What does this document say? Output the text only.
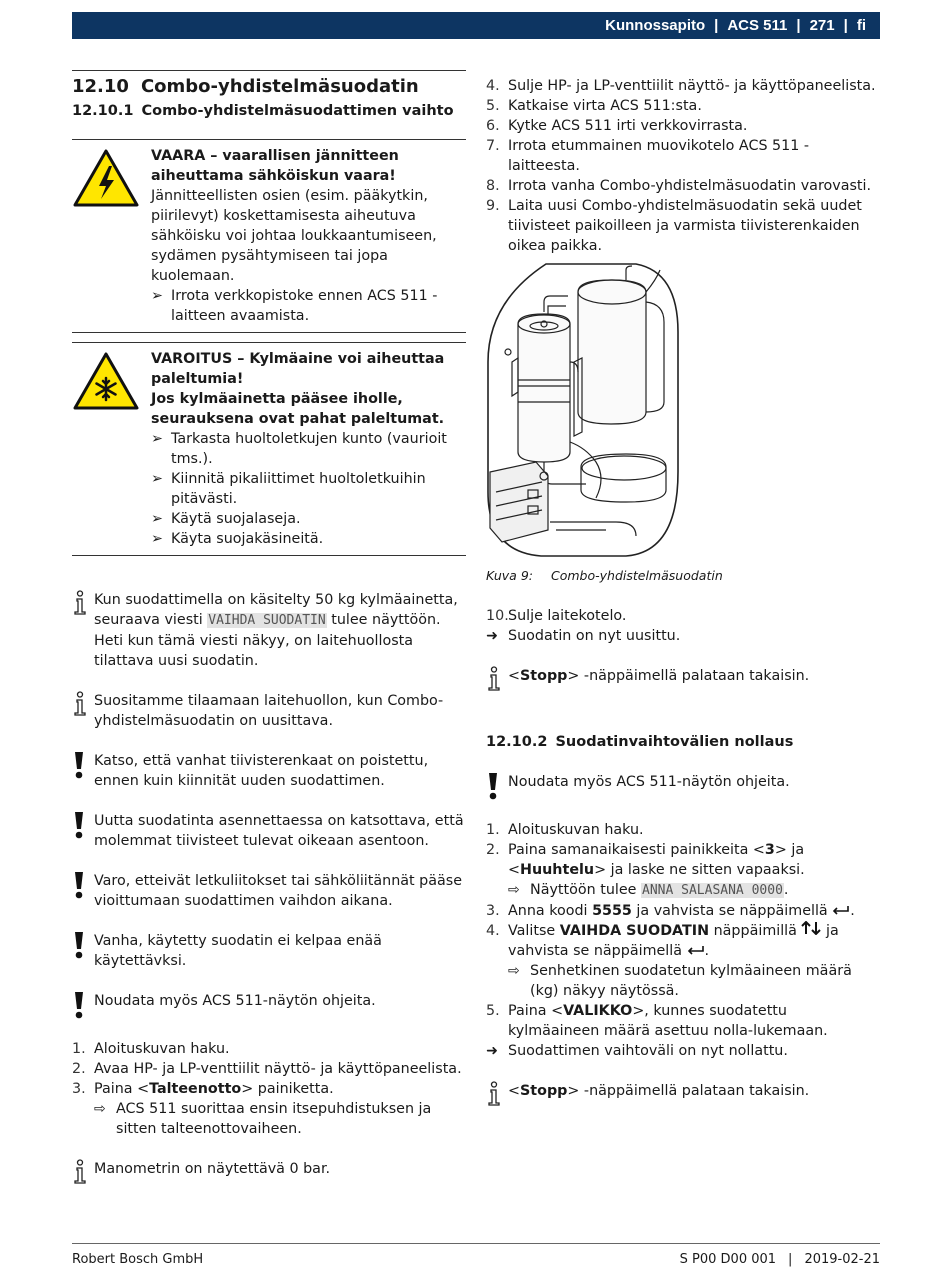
Kunnossapito | ACS 511 | 271 | fi
12.10 Combo-yhdistelmäsuodatin
12.10.1 Combo-yhdistelmäsuodattimen vaihto
VAARA – vaarallisen jännitteen aiheuttama sähköiskun vaara!
Jännitteellisten osien (esim. pääkytkin, piirilevyt) koskettamisesta aiheutuva sähköisku voi johtaa loukkaantumiseen, sydämen pysähtymiseen tai jopa kuolemaan.
➢ Irrota verkkopistoke ennen ACS 511 -laitteen avaamista.
VAROITUS – Kylmäaine voi aiheuttaa paleltumia!
Jos kylmäainetta pääsee iholle, seurauksena ovat pahat paleltumat.
➢ Tarkasta huoltoletkujen kunto (vaurioit tms.).
➢ Kiinnitä pikaliittimet huoltoletkuihin pitävästi.
➢ Käytä suojalaseja.
➢ Käyta suojakäsineitä.
Kun suodattimella on käsitelty 50 kg kylmäainetta, seuraava viesti VAIHDA SUODATIN tulee näyttöön. Heti kun tämä viesti näkyy, on laitehuollosta tilattava uusi suodatin.
Suositamme tilaamaan laitehuollon, kun Combo-yhdistelmäsuodatin on uusittava.
Katso, että vanhat tiivisterenkaat on poistettu, ennen kuin kiinnität uuden suodattimen.
Uutta suodatinta asennettaessa on katsottava, että molemmat tiivisteet tulevat oikeaan asentoon.
Varo, etteivät letkuliitokset tai sähköliitännät pääse vioittumaan suodattimen vaihdon aikana.
Vanha, käytetty suodatin ei kelpaa enää käytettävksi.
Noudata myös ACS 511-näytön ohjeita.
1. Aloituskuvan haku.
2. Avaa HP- ja LP-venttiilit näyttö- ja käyttöpaneelista.
3. Paina <Talteenotto> painiketta.
⇨ ACS 511 suorittaa ensin itsepuhdistuksen ja sitten talteenottovaiheen.
Manometrin on näytettävä 0 bar.
4. Sulje HP- ja LP-venttiilit näyttö- ja käyttöpaneelista.
5. Katkaise virta ACS 511:sta.
6. Kytke ACS 511 irti verkkovirrasta.
7. Irrota etummainen muovikotelo ACS 511 -laitteesta.
8. Irrota vanha Combo-yhdistelmäsuodatin varovasti.
9. Laita uusi Combo-yhdistelmäsuodatin sekä uudet tiivisteet paikoilleen ja varmista tiivisterenkaiden oikea paikka.
Kuva 9: Combo-yhdistelmäsuodatin
10. Sulje laitekotelo.
➜ Suodatin on nyt uusittu.
<Stopp> -näppäimellä palataan takaisin.
12.10.2 Suodatinvaihtovälien nollaus
Noudata myös ACS 511-näytön ohjeita.
1. Aloituskuvan haku.
2. Paina samanaikaisesti painikkeita <3> ja <Huuhtelu> ja laske ne sitten vapaaksi.
⇨ Näyttöön tulee ANNA SALASANA 0000.
3. Anna koodi 5555 ja vahvista se näppäimellä .
4. Valitse VAIHDA SUODATIN näppäimillä  ja vahvista se näppäimellä .
⇨ Senhetkinen suodatetun kylmäaineen määrä (kg) näkyy näytössä.
5. Paina <VALIKKO>, kunnes suodatettu kylmäaineen määrä asettuu nolla-lukemaan.
➜ Suodattimen vaihtoväli on nyt nollattu.
<Stopp> -näppäimellä palataan takaisin.
Robert Bosch GmbH	S P00 D00 001 | 2019-02-21
